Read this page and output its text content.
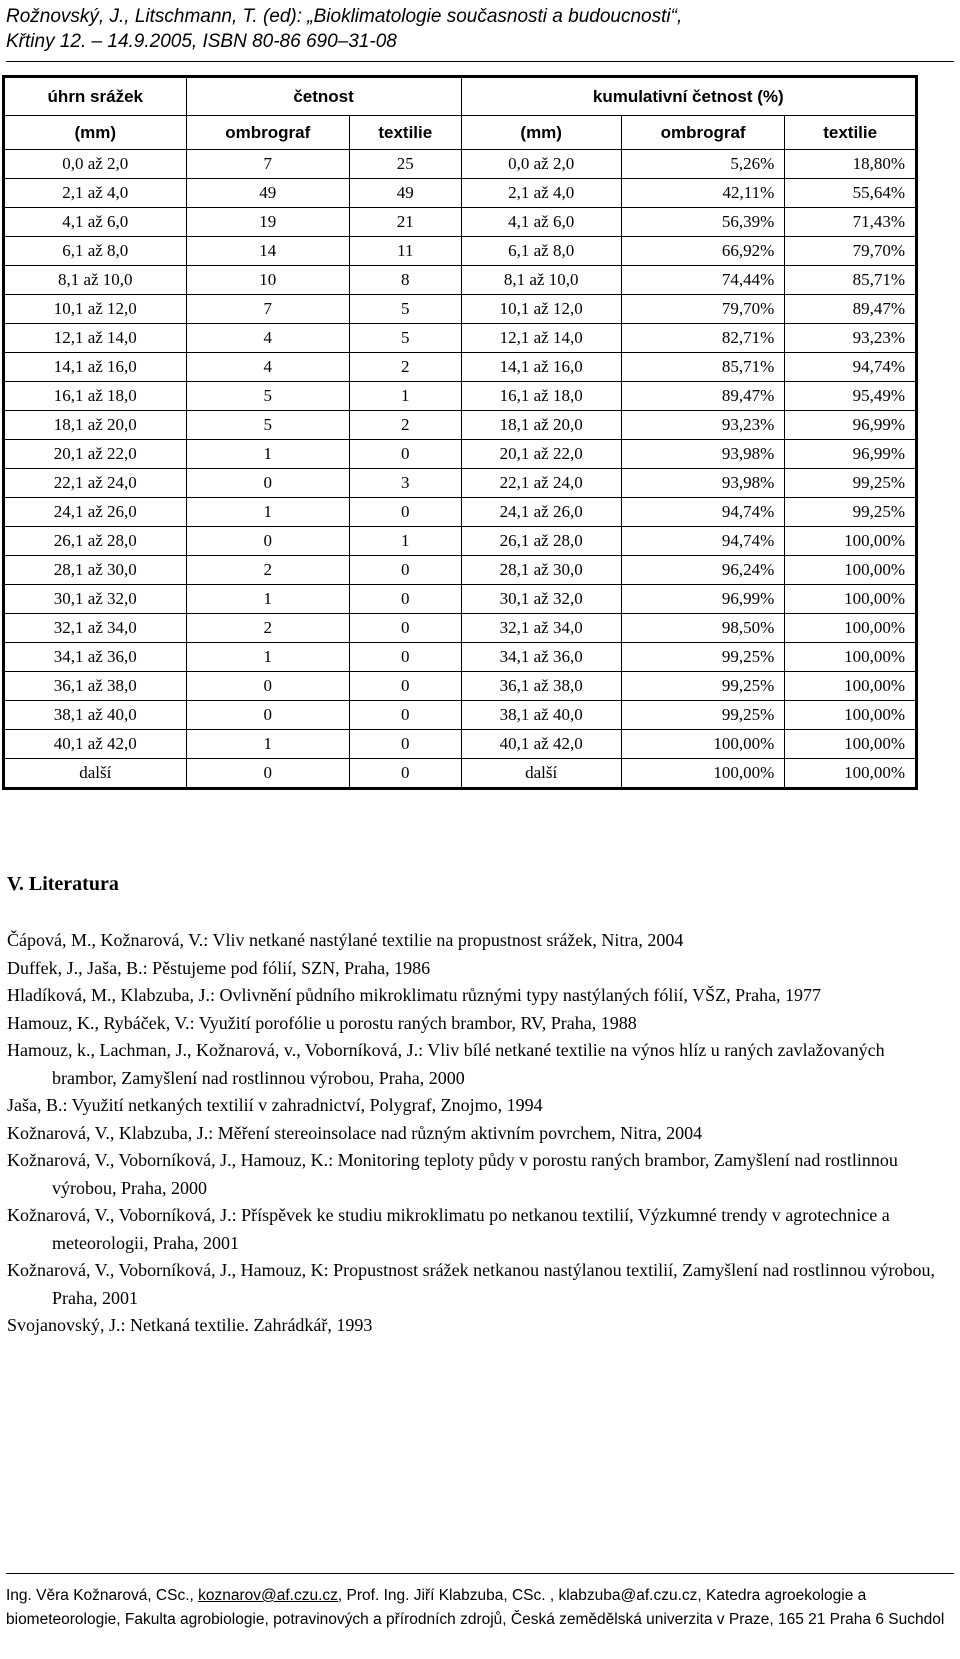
Rožnovský, J., Litschmann, T. (ed): „Bioklimatologie současnosti a budoucnosti“,
Křtiny 12. – 14.9.2005, ISBN 80-86 690–31-08
úhrn srážek	četnost		kumulativní četnost (%)		
(mm)	ombrograf	textilie	(mm)	ombrograf	textilie
0,0 až 2,0	7	25	0,0 až 2,0	5,26%	18,80%
2,1 až 4,0	49	49	2,1 až 4,0	42,11%	55,64%
4,1 až 6,0	19	21	4,1 až 6,0	56,39%	71,43%
6,1 až 8,0	14	11	6,1 až 8,0	66,92%	79,70%
8,1 až 10,0	10	8	8,1 až 10,0	74,44%	85,71%
10,1 až 12,0	7	5	10,1 až 12,0	79,70%	89,47%
12,1 až 14,0	4	5	12,1 až 14,0	82,71%	93,23%
14,1 až 16,0	4	2	14,1 až 16,0	85,71%	94,74%
16,1 až 18,0	5	1	16,1 až 18,0	89,47%	95,49%
18,1 až 20,0	5	2	18,1 až 20,0	93,23%	96,99%
20,1 až 22,0	1	0	20,1 až 22,0	93,98%	96,99%
22,1 až 24,0	0	3	22,1 až 24,0	93,98%	99,25%
24,1 až 26,0	1	0	24,1 až 26,0	94,74%	99,25%
26,1 až 28,0	0	1	26,1 až 28,0	94,74%	100,00%
28,1 až 30,0	2	0	28,1 až 30,0	96,24%	100,00%
30,1 až 32,0	1	0	30,1 až 32,0	96,99%	100,00%
32,1 až 34,0	2	0	32,1 až 34,0	98,50%	100,00%
34,1 až 36,0	1	0	34,1 až 36,0	99,25%	100,00%
36,1 až 38,0	0	0	36,1 až 38,0	99,25%	100,00%
38,1 až 40,0	0	0	38,1 až 40,0	99,25%	100,00%
40,1 až 42,0	1	0	40,1 až 42,0	100,00%	100,00%
další	0	0	další	100,00%	100,00%
V. Literatura
Čápová, M., Kožnarová, V.: Vliv netkané nastýlané textilie na propustnost srážek, Nitra, 2004
Duffek, J., Jaša, B.: Pěstujeme pod fólií, SZN, Praha, 1986
Hladíková, M., Klabzuba, J.: Ovlivnění půdního mikroklimatu různými typy nastýlaných fólií, VŠZ, Praha, 1977
Hamouz, K., Rybáček, V.: Využití porofólie u porostu raných brambor, RV, Praha, 1988
Hamouz, k., Lachman, J., Kožnarová, v., Voborníková, J.: Vliv bílé netkané textilie na výnos hlíz u raných zavlažovaných brambor, Zamyšlení nad rostlinnou výrobou, Praha, 2000
Jaša, B.: Využití netkaných textilií v zahradnictví, Polygraf, Znojmo, 1994
Kožnarová, V., Klabzuba, J.: Měření stereoinsolace nad různým aktivním povrchem, Nitra, 2004
Kožnarová, V., Voborníková, J., Hamouz, K.: Monitoring teploty půdy v porostu raných brambor, Zamyšlení nad rostlinnou výrobou, Praha, 2000
Kožnarová, V., Voborníková, J.: Příspěvek ke studiu mikroklimatu po netkanou textilií, Výzkumné trendy v agrotechnice a meteorologii, Praha, 2001
Kožnarová, V., Voborníková, J., Hamouz, K: Propustnost srážek netkanou nastýlanou textilií, Zamyšlení nad rostlinnou výrobou, Praha, 2001
Svojanovský, J.: Netkaná textilie. Zahrádkář, 1993
Ing. Věra Kožnarová, CSc., koznarov@af.czu.cz, Prof. Ing. Jiří Klabzuba, CSc. , klabzuba@af.czu.cz, Katedra agroekologie a biometeorologie, Fakulta agrobiologie, potravinových a přírodních zdrojů, Česká zemědělská univerzita v Praze, 165 21 Praha 6 Suchdol
